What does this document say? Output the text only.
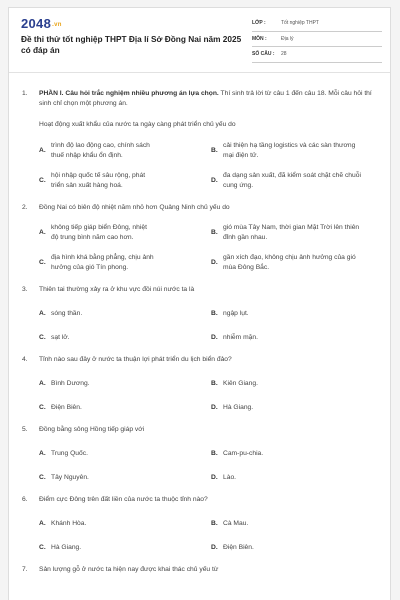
2048.vn
Đề thi thử tốt nghiệp THPT Địa lí Sở Đồng Nai năm 2025 có đáp án
LỚP :	Tốt nghiệp THPT
MÔN :	Địa lý
SỐ CÂU :	28
1.	PHẦN I. Câu hỏi trắc nghiệm nhiều phương án lựa chọn. Thí sinh trả lời từ câu 1 đến câu 18. Mỗi câu hỏi thí sinh chỉ chọn một phương án.
Hoạt động xuất khẩu của nước ta ngày càng phát triển chủ yếu do
A.
trình độ lao động cao, chính sách thuế nhập khẩu ổn định.
B.
cải thiện hạ tầng logistics và các sàn thương mại điện tử.
C.
hội nhập quốc tế sâu rộng, phát triển sản xuất hàng hoá.
D.
đa dạng sản xuất, đã kiểm soát chặt chẽ chuỗi cung ứng.
2.	Đồng Nai có biên độ nhiệt năm nhỏ hơn Quảng Ninh chủ yếu do
A.
không tiếp giáp biển Đông, nhiệt độ trung bình năm cao hơn.
B.
gió mùa Tây Nam, thời gian Mặt Trời lên thiên đỉnh gần nhau.
C.
địa hình khá bằng phẳng, chịu ảnh hưởng của gió Tín phong.
D.
gần xích đạo, không chịu ảnh hưởng của gió mùa Đông Bắc.
3.	Thiên tai thường xảy ra ở khu vực đồi núi nước ta là
A. sóng thần.	B. ngập lụt.
C. sạt lở.	D. nhiễm mặn.
4.	Tỉnh nào sau đây ở nước ta thuận lợi phát triển du lịch biển đảo?
A. Bình Dương.	B. Kiên Giang.
C. Điện Biên.	D. Hà Giang.
5.	Đồng bằng sông Hồng tiếp giáp với
A. Trung Quốc.	B. Cam-pu-chia.
C. Tây Nguyên.	D. Lào.
6.	Điểm cực Đông trên đất liền của nước ta thuộc tỉnh nào?
A. Khánh Hòa.	B. Cà Mau.
C. Hà Giang.	D. Điện Biên.
7.	Sản lượng gỗ ở nước ta hiện nay được khai thác chủ yếu từ
